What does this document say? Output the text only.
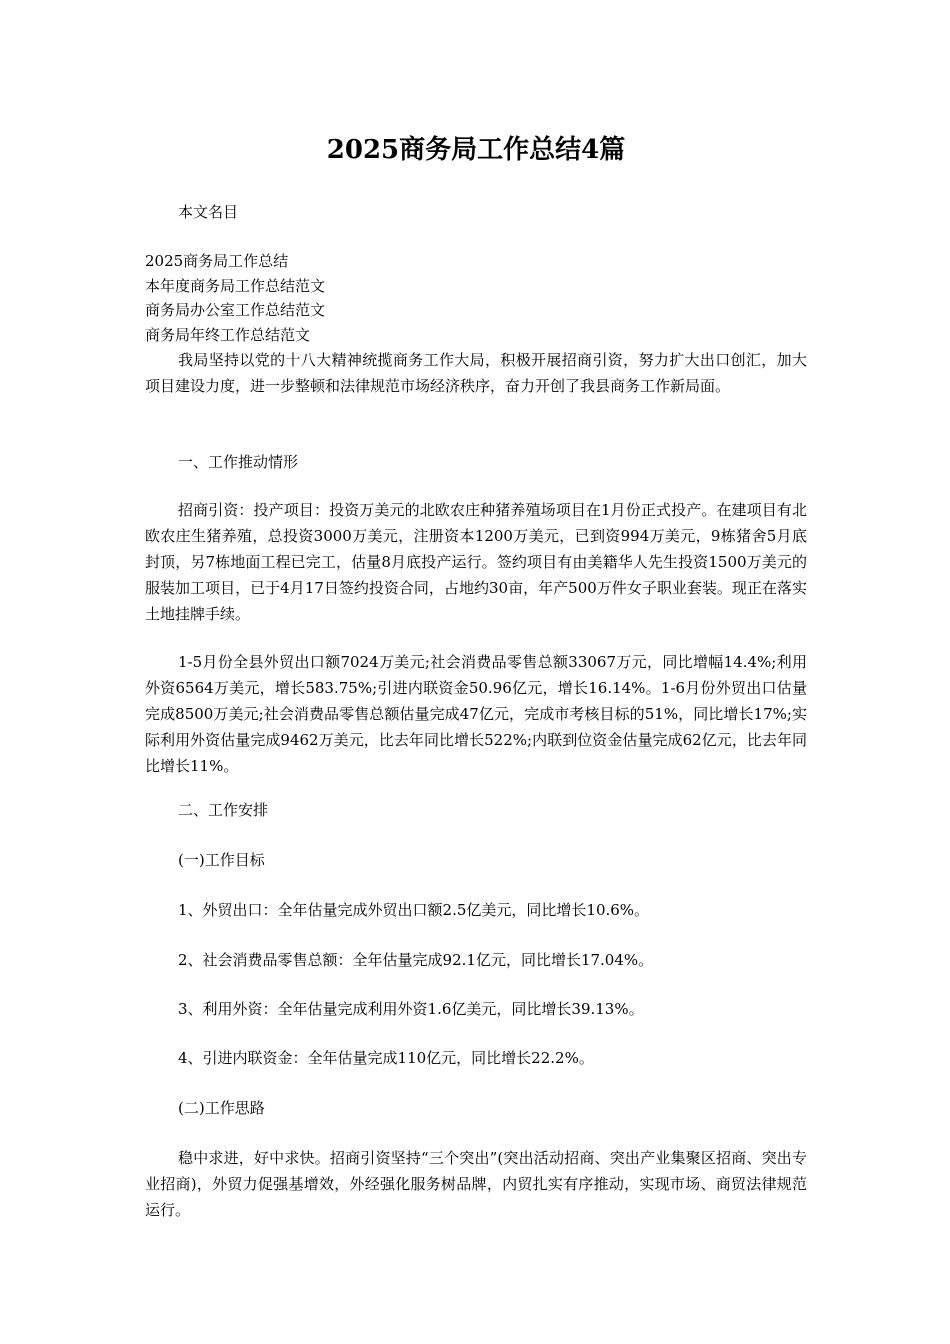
2025商务局工作总结4篇

本文名目

2025商务局工作总结
本年度商务局工作总结范文
商务局办公室工作总结范文
商务局年终工作总结范文

我局坚持以党的十八大精神统揽商务工作大局，积极开展招商引资，努力扩大出口创汇，加大项目建设力度，进一步整顿和法律规范市场经济秩序，奋力开创了我县商务工作新局面。

一、工作推动情形

招商引资：投产项目：投资万美元的北欧农庄种猪养殖场项目在1月份正式投产。在建项目有北欧农庄生猪养殖，总投资3000万美元，注册资本1200万美元，已到资994万美元，9栋猪舍5月底封顶，另7栋地面工程已完工，估量8月底投产运行。签约项目有由美籍华人先生投资1500万美元的服装加工项目，已于4月17日签约投资合同，占地约30亩，年产500万件女子职业套装。现正在落实土地挂牌手续。

1-5月份全县外贸出口额7024万美元;社会消费品零售总额33067万元，同比增幅14.4%;利用外资6564万美元，增长583.75%;引进内联资金50.96亿元，增长16.14%。1-6月份外贸出口估量完成8500万美元;社会消费品零售总额估量完成47亿元，完成市考核目标的51%，同比增长17%;实际利用外资估量完成9462万美元，比去年同比增长522%;内联到位资金估量完成62亿元，比去年同比增长11%。

二、工作安排

(一)工作目标

1、外贸出口：全年估量完成外贸出口额2.5亿美元，同比增长10.6%。

2、社会消费品零售总额：全年估量完成92.1亿元，同比增长17.04%。

3、利用外资：全年估量完成利用外资1.6亿美元，同比增长39.13%。

4、引进内联资金：全年估量完成110亿元，同比增长22.2%。

(二)工作思路

稳中求进，好中求快。招商引资坚持“三个突出”(突出活动招商、突出产业集聚区招商、突出专业招商)，外贸力促强基增效，外经强化服务树品牌，内贸扎实有序推动，实现市场、商贸法律规范运行。
